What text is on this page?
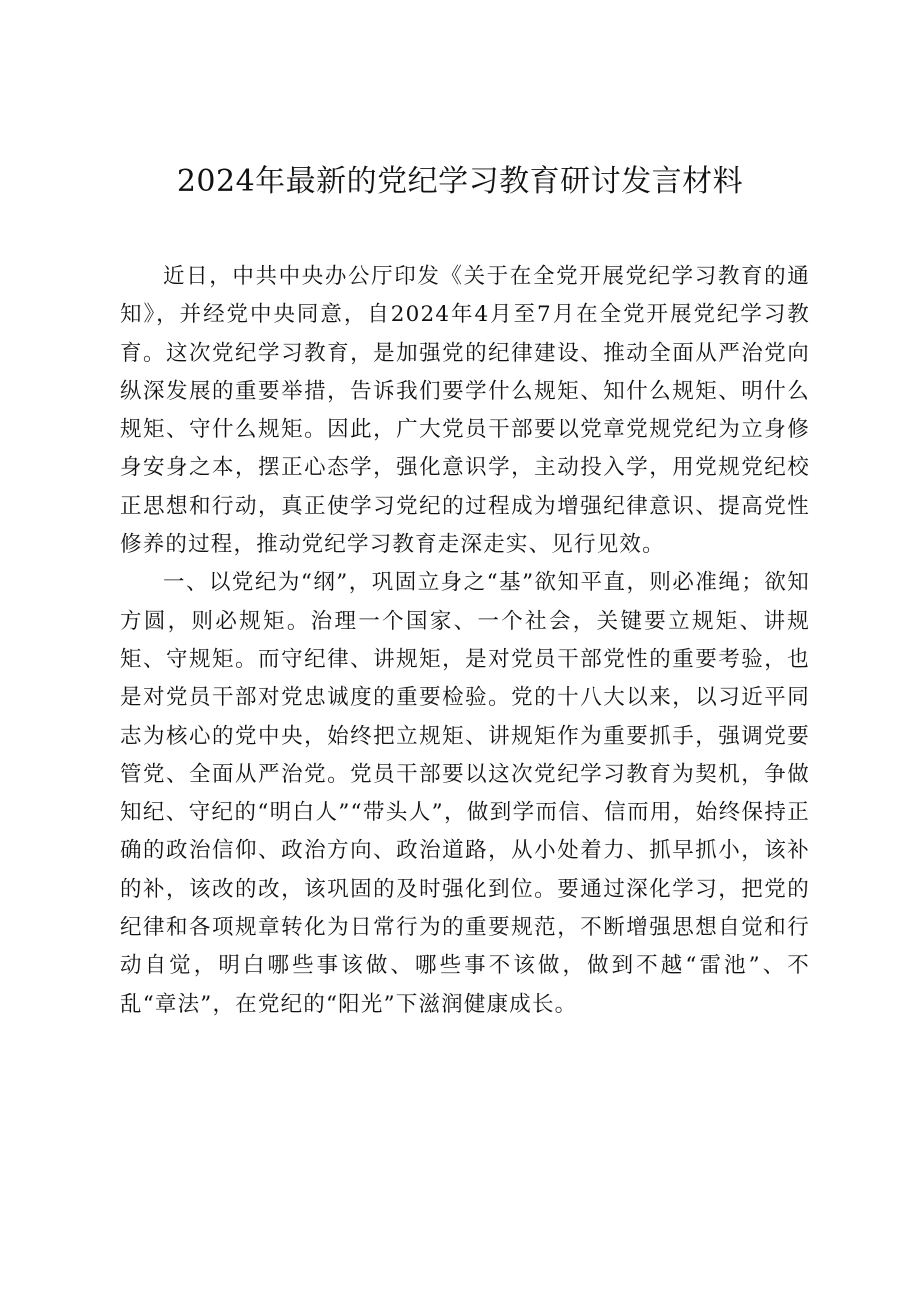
2024年最新的党纪学习教育研讨发言材料

近日，中共中央办公厅印发《关于在全党开展党纪学习教育的通知》，并经党中央同意，自2024年4月至7月在全党开展党纪学习教育。这次党纪学习教育，是加强党的纪律建设、推动全面从严治党向纵深发展的重要举措，告诉我们要学什么规矩、知什么规矩、明什么规矩、守什么规矩。因此，广大党员干部要以党章党规党纪为立身修身安身之本，摆正心态学，强化意识学，主动投入学，用党规党纪校正思想和行动，真正使学习党纪的过程成为增强纪律意识、提高党性修养的过程，推动党纪学习教育走深走实、见行见效。

一、以党纪为“纲”，巩固立身之“基”欲知平直，则必准绳；欲知方圆，则必规矩。治理一个国家、一个社会，关键要立规矩、讲规矩、守规矩。而守纪律、讲规矩，是对党员干部党性的重要考验，也是对党员干部对党忠诚度的重要检验。党的十八大以来，以习近平同志为核心的党中央，始终把立规矩、讲规矩作为重要抓手，强调党要管党、全面从严治党。党员干部要以这次党纪学习教育为契机，争做知纪、守纪的“明白人”“带头人”，做到学而信、信而用，始终保持正确的政治信仰、政治方向、政治道路，从小处着力、抓早抓小，该补的补，该改的改，该巩固的及时强化到位。要通过深化学习，把党的纪律和各项规章转化为日常行为的重要规范，不断增强思想自觉和行动自觉，明白哪些事该做、哪些事不该做，做到不越“雷池”、不乱“章法”，在党纪的“阳光”下滋润健康成长。
